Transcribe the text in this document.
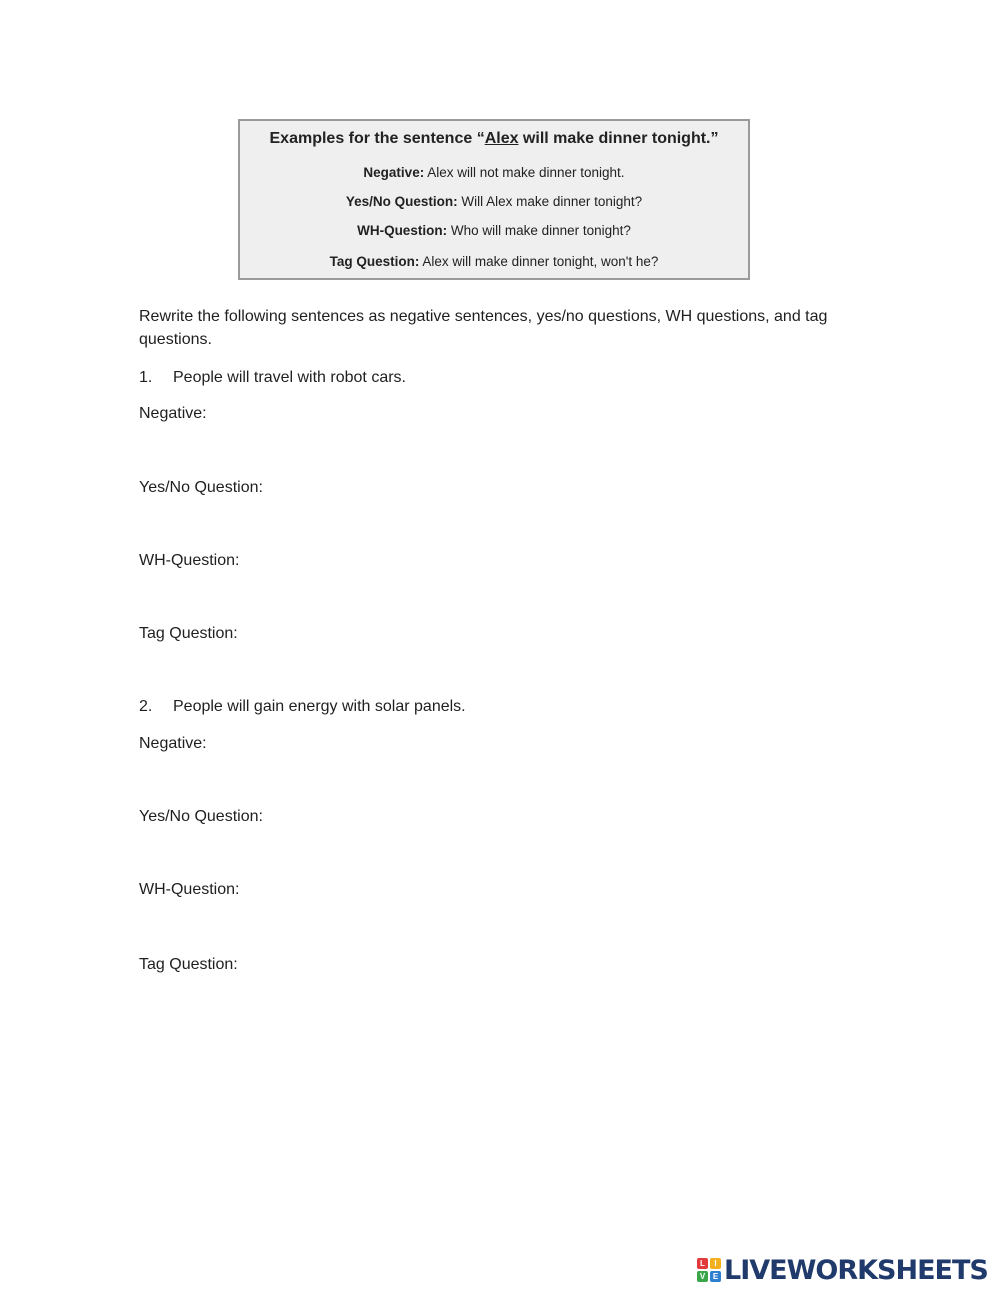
Examples for the sentence “Alex will make dinner tonight.”
Negative: Alex will not make dinner tonight.
Yes/No Question: Will Alex make dinner tonight?
WH-Question: Who will make dinner tonight?
Tag Question: Alex will make dinner tonight, won't he?
Rewrite the following sentences as negative sentences, yes/no questions, WH questions, and tag questions.
1. People will travel with robot cars.
Negative:
Yes/No Question:
WH-Question:
Tag Question:
2. People will gain energy with solar panels.
Negative:
Yes/No Question:
WH-Question:
Tag Question:
L	I
V E LIVEWORKSHEETS
